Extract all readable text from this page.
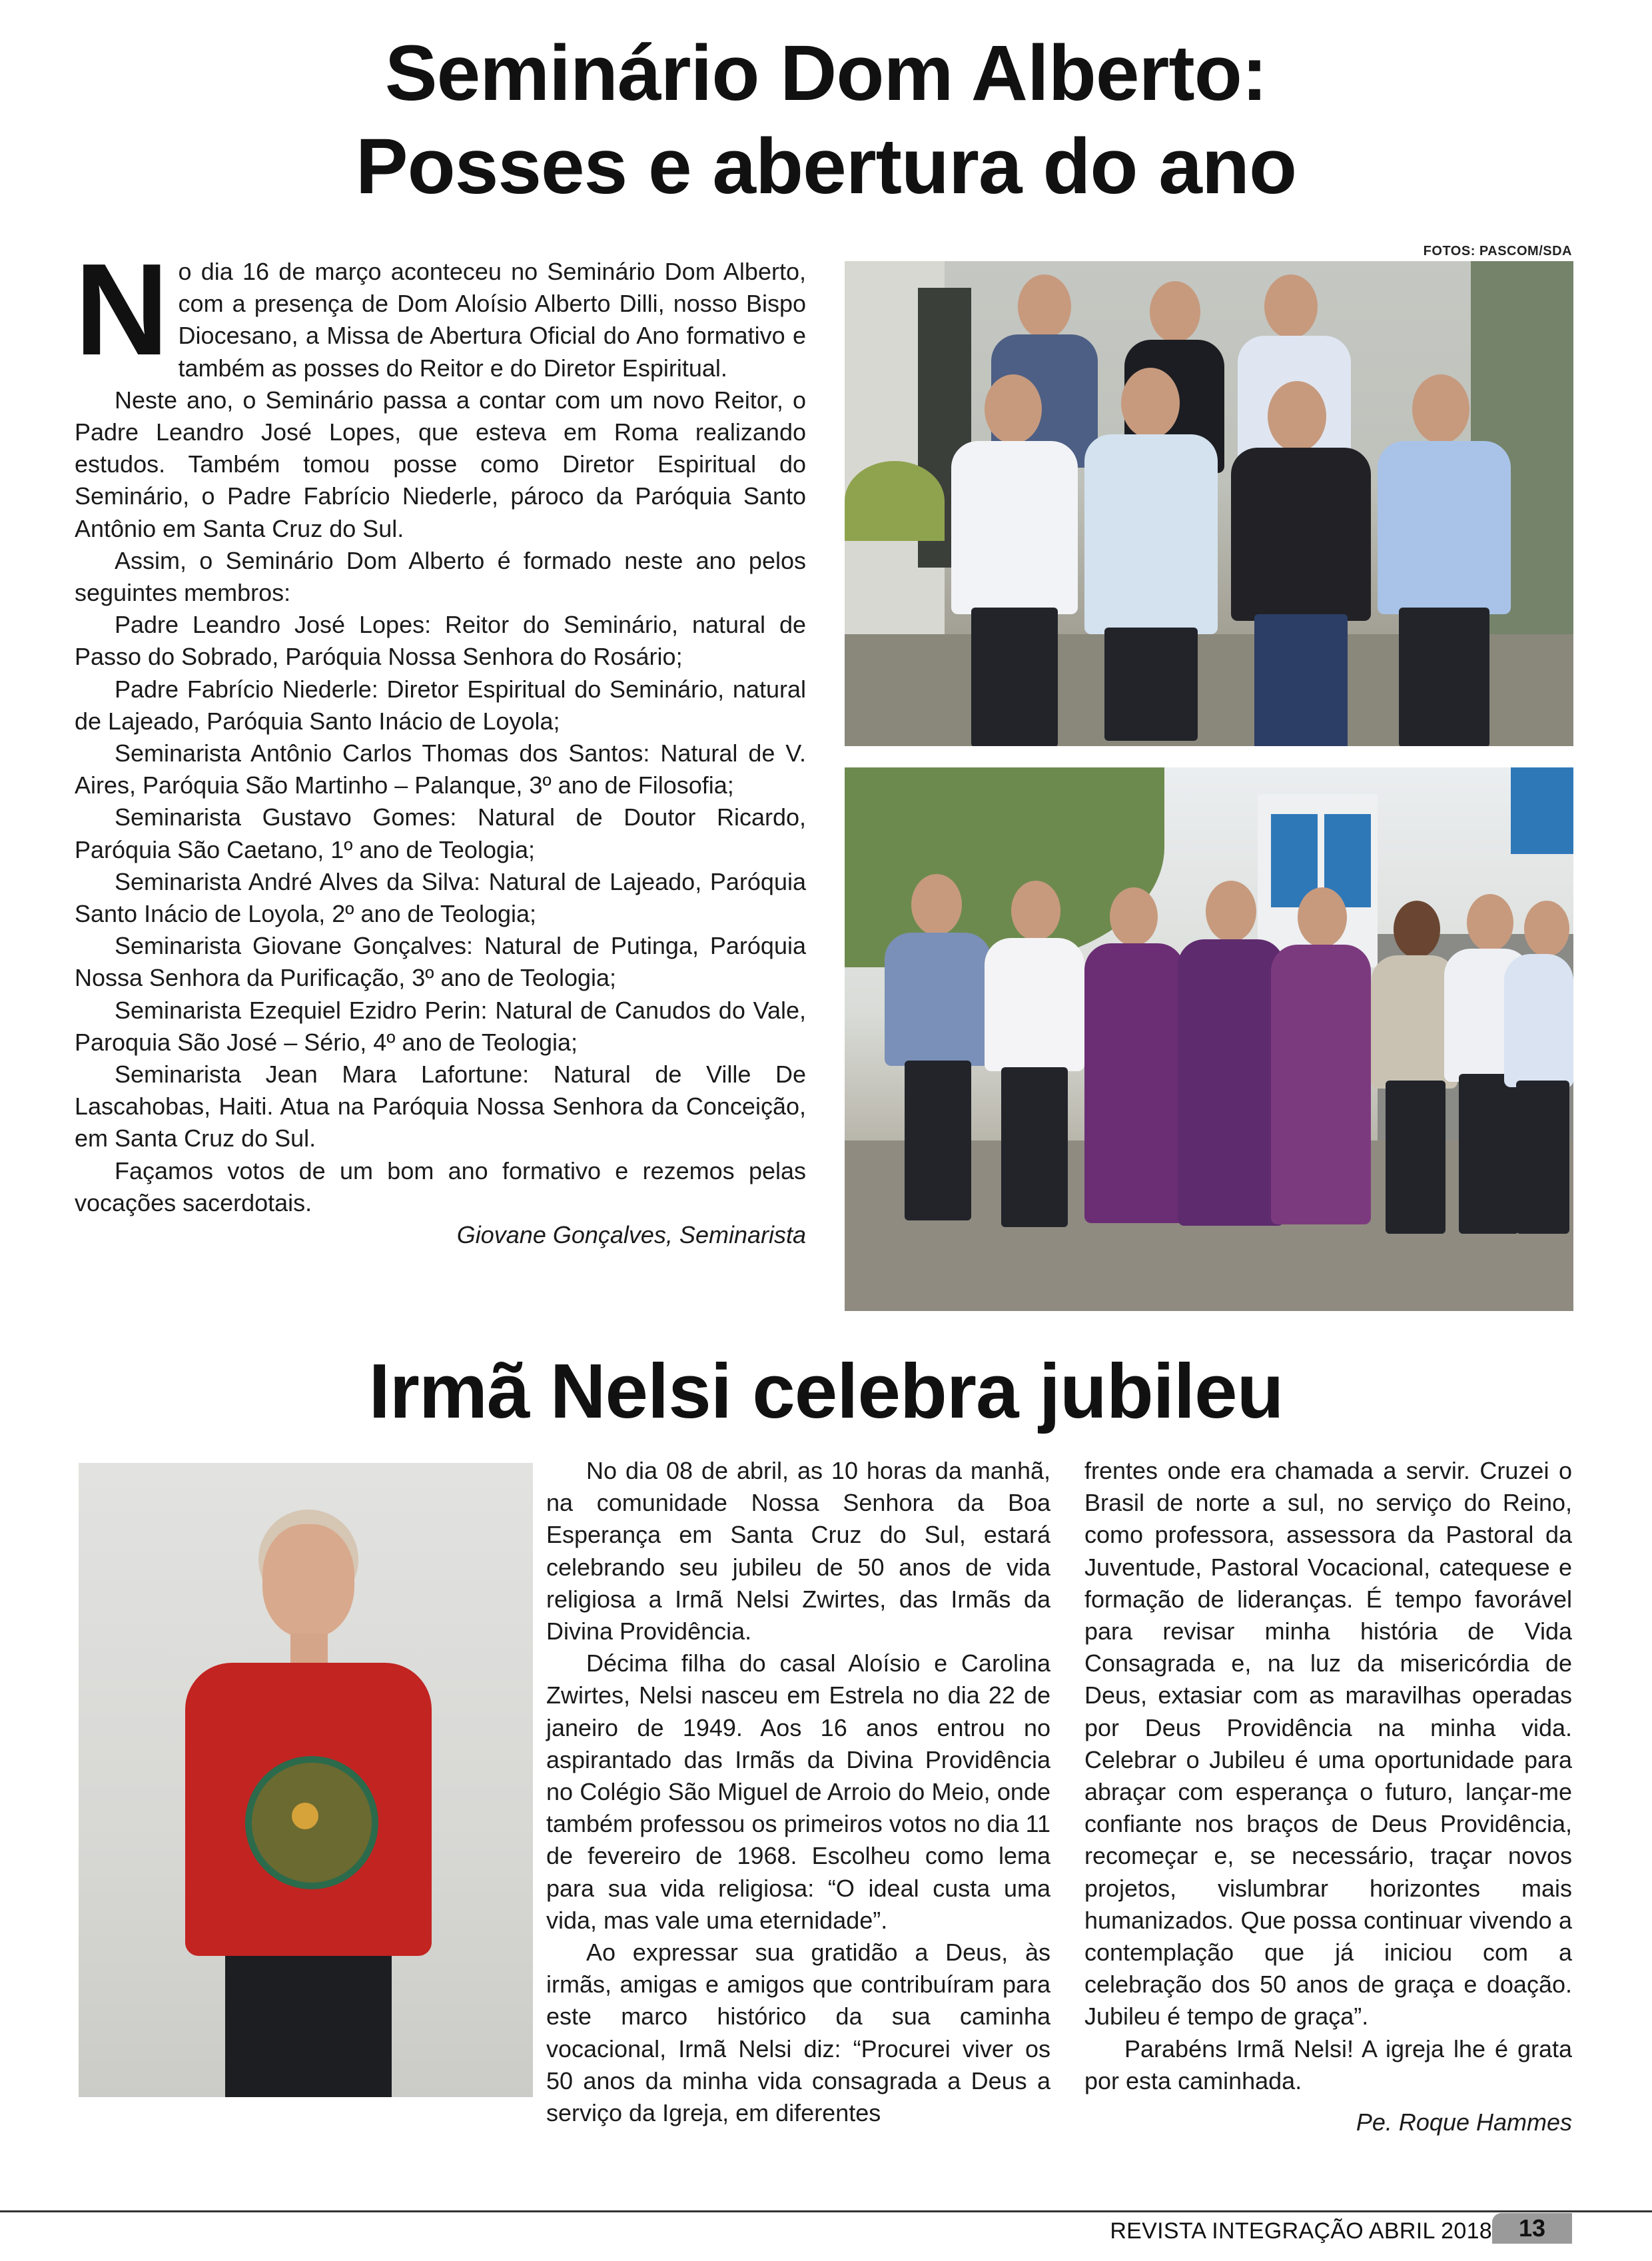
Seminário Dom Alberto:
Posses e abertura do ano
FOTOS: PASCOM/SDA

No dia 16 de março aconteceu no Seminário Dom Alberto, com a presença de Dom Aloísio Alberto Dilli, nosso Bispo Diocesano, a Missa de Abertura Oficial do Ano formativo e também as posses do Reitor e do Diretor Espiritual.

Neste ano, o Seminário passa a contar com um novo Reitor, o Padre Leandro José Lopes, que esteva em Roma realizando estudos. Também tomou posse como Diretor Espiritual do Seminário, o Padre Fabrício Niederle, pároco da Paróquia Santo Antônio em Santa Cruz do Sul.

Assim, o Seminário Dom Alberto é formado neste ano pelos seguintes membros:

Padre Leandro José Lopes: Reitor do Seminário, natural de Passo do Sobrado, Paróquia Nossa Senhora do Rosário;

Padre Fabrício Niederle: Diretor Espiritual do Seminário, natural de Lajeado, Paróquia Santo Inácio de Loyola;

Seminarista Antônio Carlos Thomas dos Santos: Natural de V. Aires, Paróquia São Martinho – Palanque, 3º ano de Filosofia;

Seminarista Gustavo Gomes: Natural de Doutor Ricardo, Paróquia São Caetano, 1º ano de Teologia;

Seminarista André Alves da Silva: Natural de Lajeado, Paróquia Santo Inácio de Loyola, 2º ano de Teologia;

Seminarista Giovane Gonçalves: Natural de Putinga, Paróquia Nossa Senhora da Purificação, 3º ano de Teologia;

Seminarista Ezequiel Ezidro Perin: Natural de Canudos do Vale, Paroquia São José – Sério, 4º ano de Teologia;

Seminarista Jean Mara Lafortune: Natural de Ville De Lascahobas, Haiti. Atua na Paróquia Nossa Senhora da Conceição, em Santa Cruz do Sul.

Façamos votos de um bom ano formativo e rezemos pelas vocações sacerdotais.

Giovane Gonçalves, Seminarista

Irmã Nelsi celebra jubileu

No dia 08 de abril, as 10 horas da manhã, na comunidade Nossa Senhora da Boa Esperança em Santa Cruz do Sul, estará celebrando seu jubileu de 50 anos de vida religiosa a Irmã Nelsi Zwirtes, das Irmãs da Divina Providência.

Décima filha do casal Aloísio e Carolina Zwirtes, Nelsi nasceu em Estrela no dia 22 de janeiro de 1949. Aos 16 anos entrou no aspirantado das Irmãs da Divina Providência no Colégio São Miguel de Arroio do Meio, onde também professou os primeiros votos no dia 11 de fevereiro de 1968. Escolheu como lema para sua vida religiosa: “O ideal custa uma vida, mas vale uma eternidade”.

Ao expressar sua gratidão a Deus, às irmãs, amigas e amigos que contribuíram para este marco histórico da sua caminha vocacional, Irmã Nelsi diz: “Procurei viver os 50 anos da minha vida consagrada a Deus a serviço da Igreja, em diferentes

frentes onde era chamada a servir. Cruzei o Brasil de norte a sul, no serviço do Reino, como professora, assessora da Pastoral da Juventude, Pastoral Vocacional, catequese e formação de lideranças. É tempo favorável para revisar minha história de Vida Consagrada e, na luz da misericórdia de Deus, extasiar com as maravilhas operadas por Deus Providência na minha vida. Celebrar o Jubileu é uma oportunidade para abraçar com esperança o futuro, lançar-me confiante nos braços de Deus Providência, recomeçar e, se necessário, traçar novos projetos, vislumbrar horizontes mais humanizados. Que possa continuar vivendo a contemplação que já iniciou com a celebração dos 50 anos de graça e doação. Jubileu é tempo de graça”.

Parabéns Irmã Nelsi! A igreja lhe é grata por esta caminhada.

Pe. Roque Hammes

REVISTA INTEGRAÇÃO ABRIL 2018	13
